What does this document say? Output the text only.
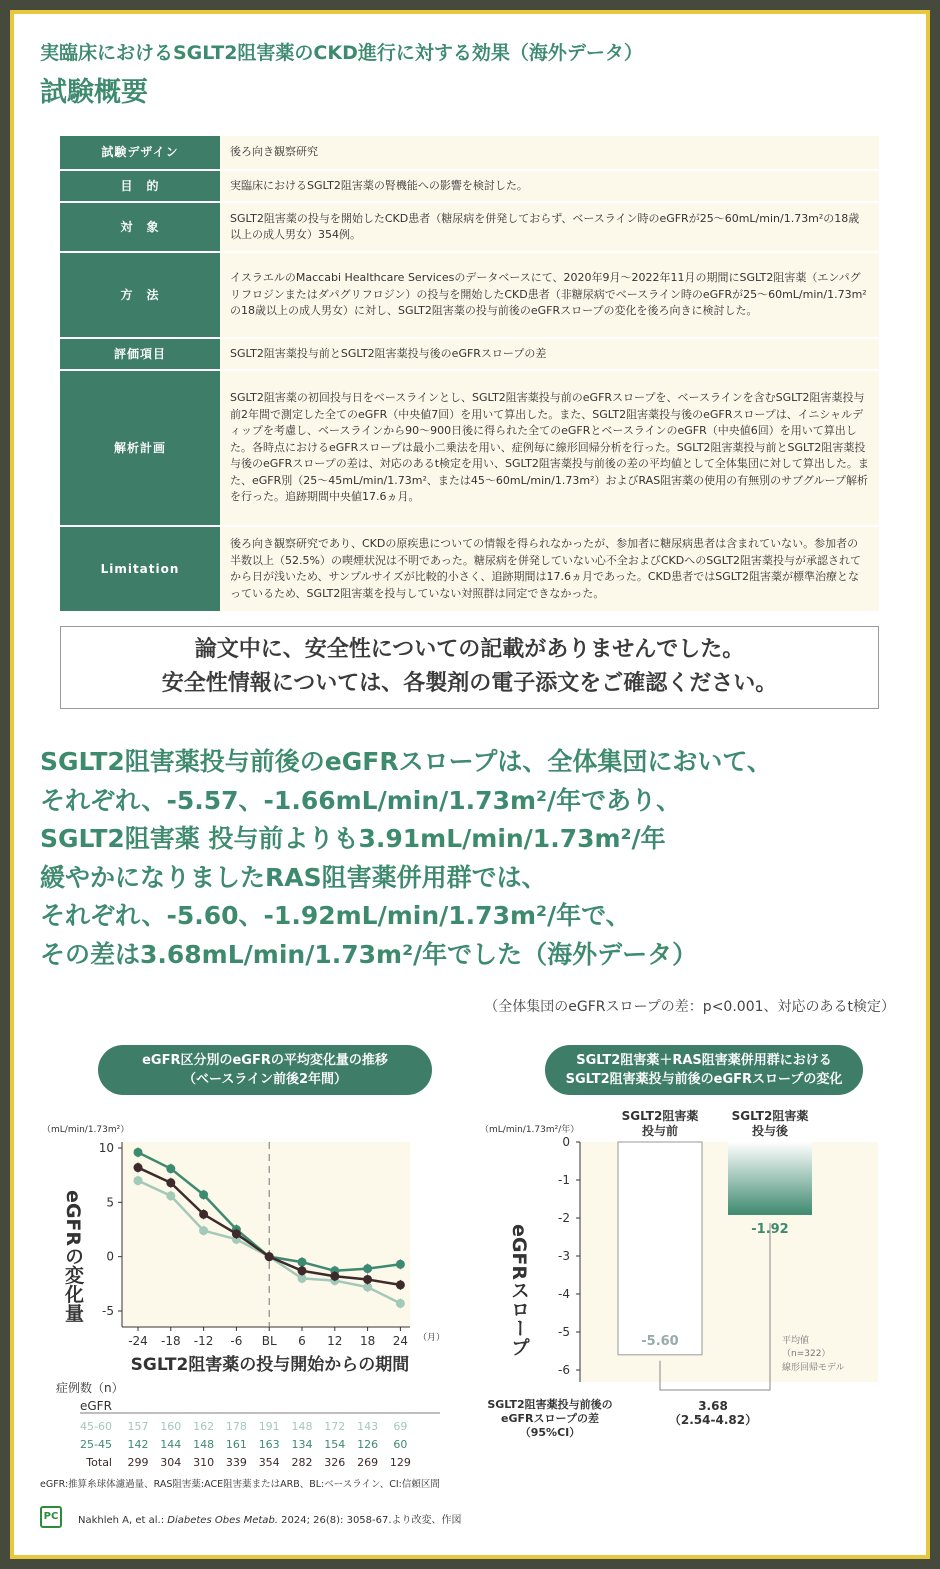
実臨床におけるSGLT2阻害薬のCKD進行に対する効果（海外データ）
試験概要
試験デザイン	後ろ向き観察研究
目　的	実臨床におけるSGLT2阻害薬の腎機能への影響を検討した。
対　象	SGLT2阻害薬の投与を開始したCKD患者（糖尿病を併発しておらず、ベースライン時のeGFRが25〜60mL/min/1.73m²の18歳以上の成人男女）354例。
方　法	イスラエルのMaccabi Healthcare Servicesのデータベースにて、2020年9月〜2022年11月の期間にSGLT2阻害薬（エンパグリフロジンまたはダパグリフロジン）の投与を開始したCKD患者（非糖尿病でベースライン時のeGFRが25〜60mL/min/1.73m²の18歳以上の成人男女）に対し、SGLT2阻害薬の投与前後のeGFRスロープの変化を後ろ向きに検討した。
評価項目	SGLT2阻害薬投与前とSGLT2阻害薬投与後のeGFRスロープの差
解析計画	SGLT2阻害薬の初回投与日をベースラインとし、SGLT2阻害薬投与前のeGFRスロープを、ベースラインを含むSGLT2阻害薬投与前2年間で測定した全てのeGFR（中央値7回）を用いて算出した。また、SGLT2阻害薬投与後のeGFRスロープは、イニシャルディップを考慮し、ベースラインから90〜900日後に得られた全てのeGFRとベースラインのeGFR（中央値6回）を用いて算出した。各時点におけるeGFRスロープは最小二乗法を用い、症例毎に線形回帰分析を行った。SGLT2阻害薬投与前とSGLT2阻害薬投与後のeGFRスロープの差は、対応のあるt検定を用い、SGLT2阻害薬投与前後の差の平均値として全体集団に対して算出した。また、eGFR別（25〜45mL/min/1.73m²、または45〜60mL/min/1.73m²）およびRAS阻害薬の使用の有無別のサブグループ解析を行った。追跡期間中央値17.6ヵ月。
Limitation	後ろ向き観察研究であり、CKDの原疾患についての情報を得られなかったが、参加者に糖尿病患者は含まれていない。参加者の半数以上（52.5%）の喫煙状況は不明であった。糖尿病を併発していない心不全およびCKDへのSGLT2阻害薬投与が承認されてから日が浅いため、サンプルサイズが比較的小さく、追跡期間は17.6ヵ月であった。CKD患者ではSGLT2阻害薬が標準治療となっているため、SGLT2阻害薬を投与していない対照群は同定できなかった。
論文中に、安全性についての記載がありませんでした。
安全性情報については、各製剤の電子添文をご確認ください。
SGLT2阻害薬投与前後のeGFRスロープは、全体集団において、
それぞれ、-5.57、-1.66mL/min/1.73m²/年であり、
SGLT2阻害薬 投与前よりも3.91mL/min/1.73m²/年
緩やかになりましたRAS阻害薬併用群では、
それぞれ、-5.60、-1.92mL/min/1.73m²/年で、
その差は3.68mL/min/1.73m²/年でした（海外データ）
（全体集団のeGFRスロープの差：p<0.001、対応のあるt検定）
eGFR区分別のeGFRの平均変化量の推移
（ベースライン前後2年間）
SGLT2阻害薬＋RAS阻害薬併用群における
SGLT2阻害薬投与前後のeGFRスロープの変化
（mL/min/1.73m²）
eGFRの変化量
10
5
0
-5
-24 -18 -12 -6 BL 6 12 18 24 （月）
SGLT2阻害薬の投与開始からの期間
症例数（n）
eGFR
45-60 157 160 162 178 191 148 172 143 69
25-45 142 144 148 161 163 134 154 126 60
Total 299 304 310 339 354 282 326 269 129
（mL/min/1.73m²/年）
eGFRスロープ
0
-1
-2
-3
-4
-5
-6
-5.60
-1.92
SGLT2阻害薬
投与前
SGLT2阻害薬
投与後
平均値
（n=322）
線形回帰モデル
SGLT2阻害薬投与前後の
eGFRスロープの差
（95%CI）
3.68
（2.54-4.82）
eGFR:推算糸球体濾過量、RAS阻害薬:ACE阻害薬またはARB、BL:ベースライン、CI:信頼区間
PC	Nakhleh A, et al.: Diabetes Obes Metab. 2024; 26(8): 3058-67.より改変、作図
